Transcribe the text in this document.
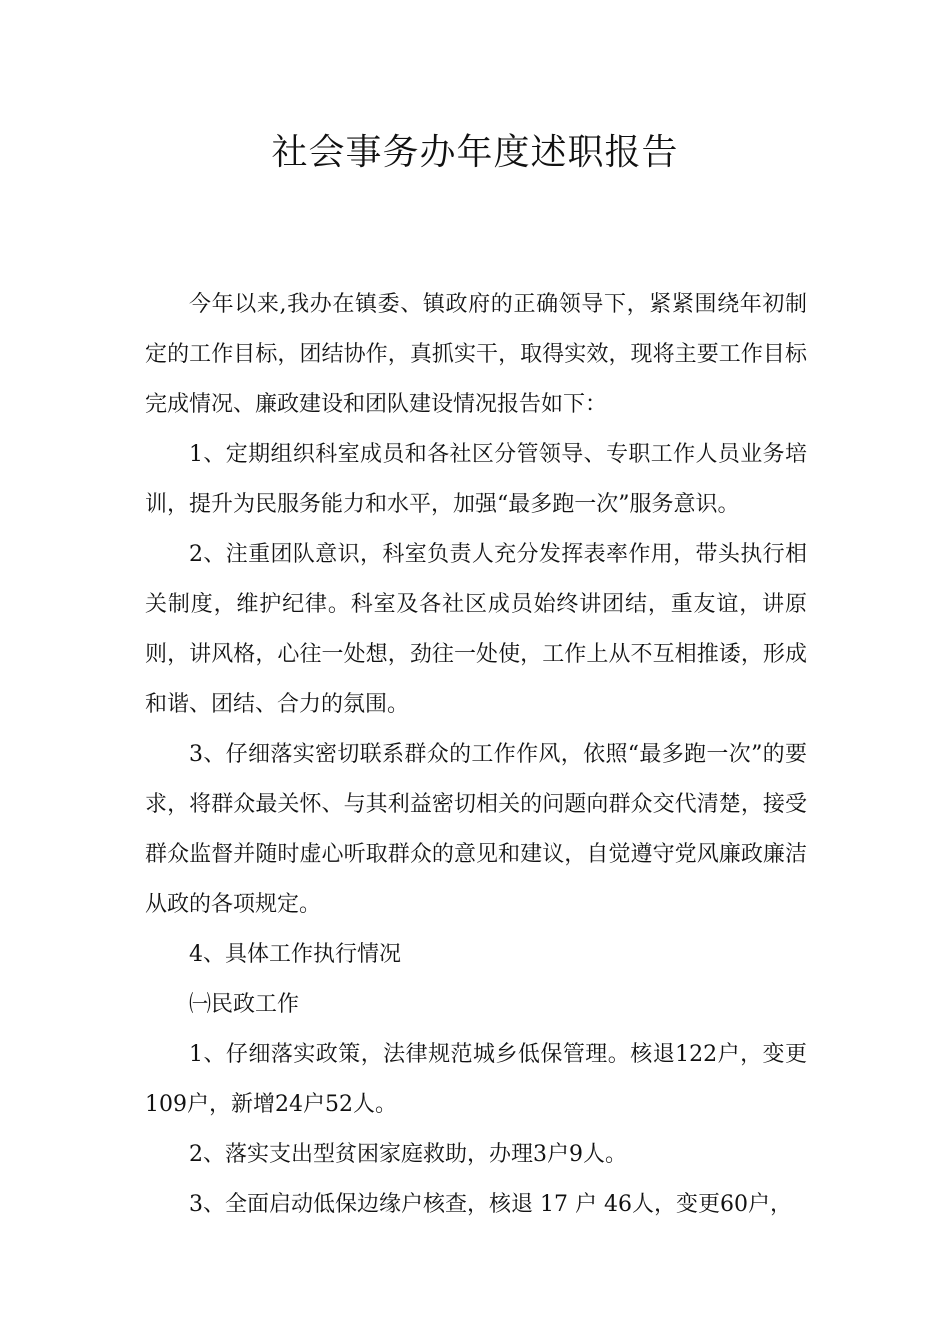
社会事务办年度述职报告

今年以来,我办在镇委、镇政府的正确领导下，紧紧围绕年初制定的工作目标，团结协作，真抓实干，取得实效，现将主要工作目标完成情况、廉政建设和团队建设情况报告如下：

1、定期组织科室成员和各社区分管领导、专职工作人员业务培训，提升为民服务能力和水平，加强“最多跑一次”服务意识。

2、注重团队意识，科室负责人充分发挥表率作用，带头执行相关制度，维护纪律。科室及各社区成员始终讲团结，重友谊，讲原则，讲风格，心往一处想，劲往一处使，工作上从不互相推诿，形成和谐、团结、合力的氛围。

3、仔细落实密切联系群众的工作作风，依照“最多跑一次”的要求，将群众最关怀、与其利益密切相关的问题向群众交代清楚，接受群众监督并随时虚心听取群众的意见和建议，自觉遵守党风廉政廉洁从政的各项规定。

4、具体工作执行情况

㈠民政工作

1、仔细落实政策，法律规范城乡低保管理。核退122户，变更109户，新增24户52人。

2、落实支出型贫困家庭救助，办理3户9人。

3、全面启动低保边缘户核查，核退 17 户 46人，变更60户，
